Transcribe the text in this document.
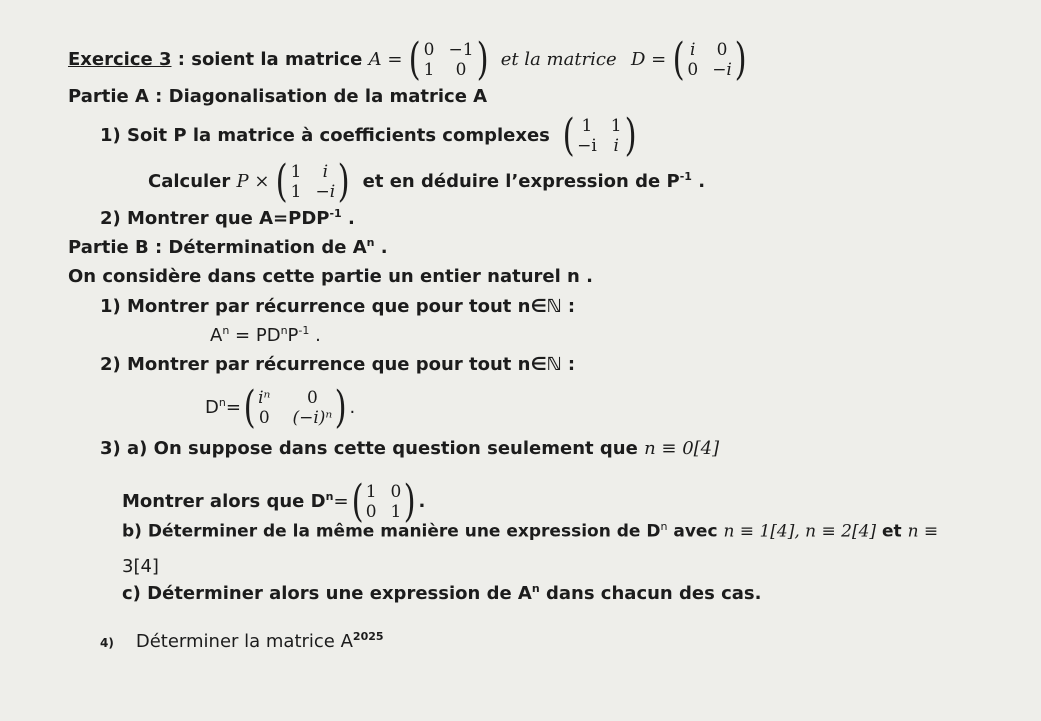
Exercice 3 : soient la matrice A = ( 0 −1
1	0 ) et la matrice D = ( i 0
0 −i )
Partie A : Diagonalisation de la matrice A
1) Soit P la matrice à coefficients complexes ( 1 1
−i i )
Calculer P × ( 1	i
1 −i ) et en déduire l’expression de $P^{-1}$ .
2) Montrer que $A=PDP^{-1}$ .
Partie B : Détermination de $A^n$ .
On considère dans cette partie un entier naturel n .
1) Montrer par récurrence que pour tout n∈ℕ :
$A^n = PD^nP^{-1}$ .
2) Montrer par récurrence que pour tout n∈ℕ :
$D^n=$ ( iⁿ	0
0 (−i)ⁿ ) .
3) a) On suppose dans cette question seulement que n ≡ 0[4]
Montrer alors que $D^n=$ ( 1 0
0 1 ) .
b) Déterminer de la même manière une expression de $D^n$ avec n ≡ 1[4], n ≡ 2[4] et n ≡
3[4]
c) Déterminer alors une expression de $A^n$ dans chacun des cas.
4) Déterminer la matrice $A^{2025}$
